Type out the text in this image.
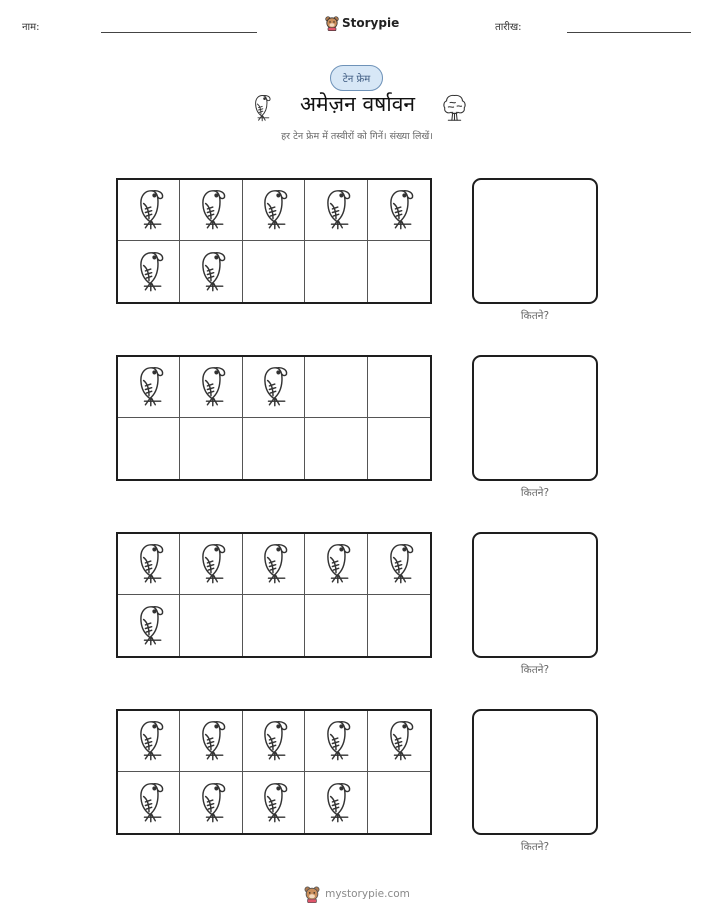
नाम:	Storypie	तारीख:
टेन फ्रेम
अमेज़न वर्षावन
हर टेन फ्रेम में तस्वीरों को गिनें। संख्या लिखें।
कितने?
कितने?
कितने?
कितने?
mystorypie.com
